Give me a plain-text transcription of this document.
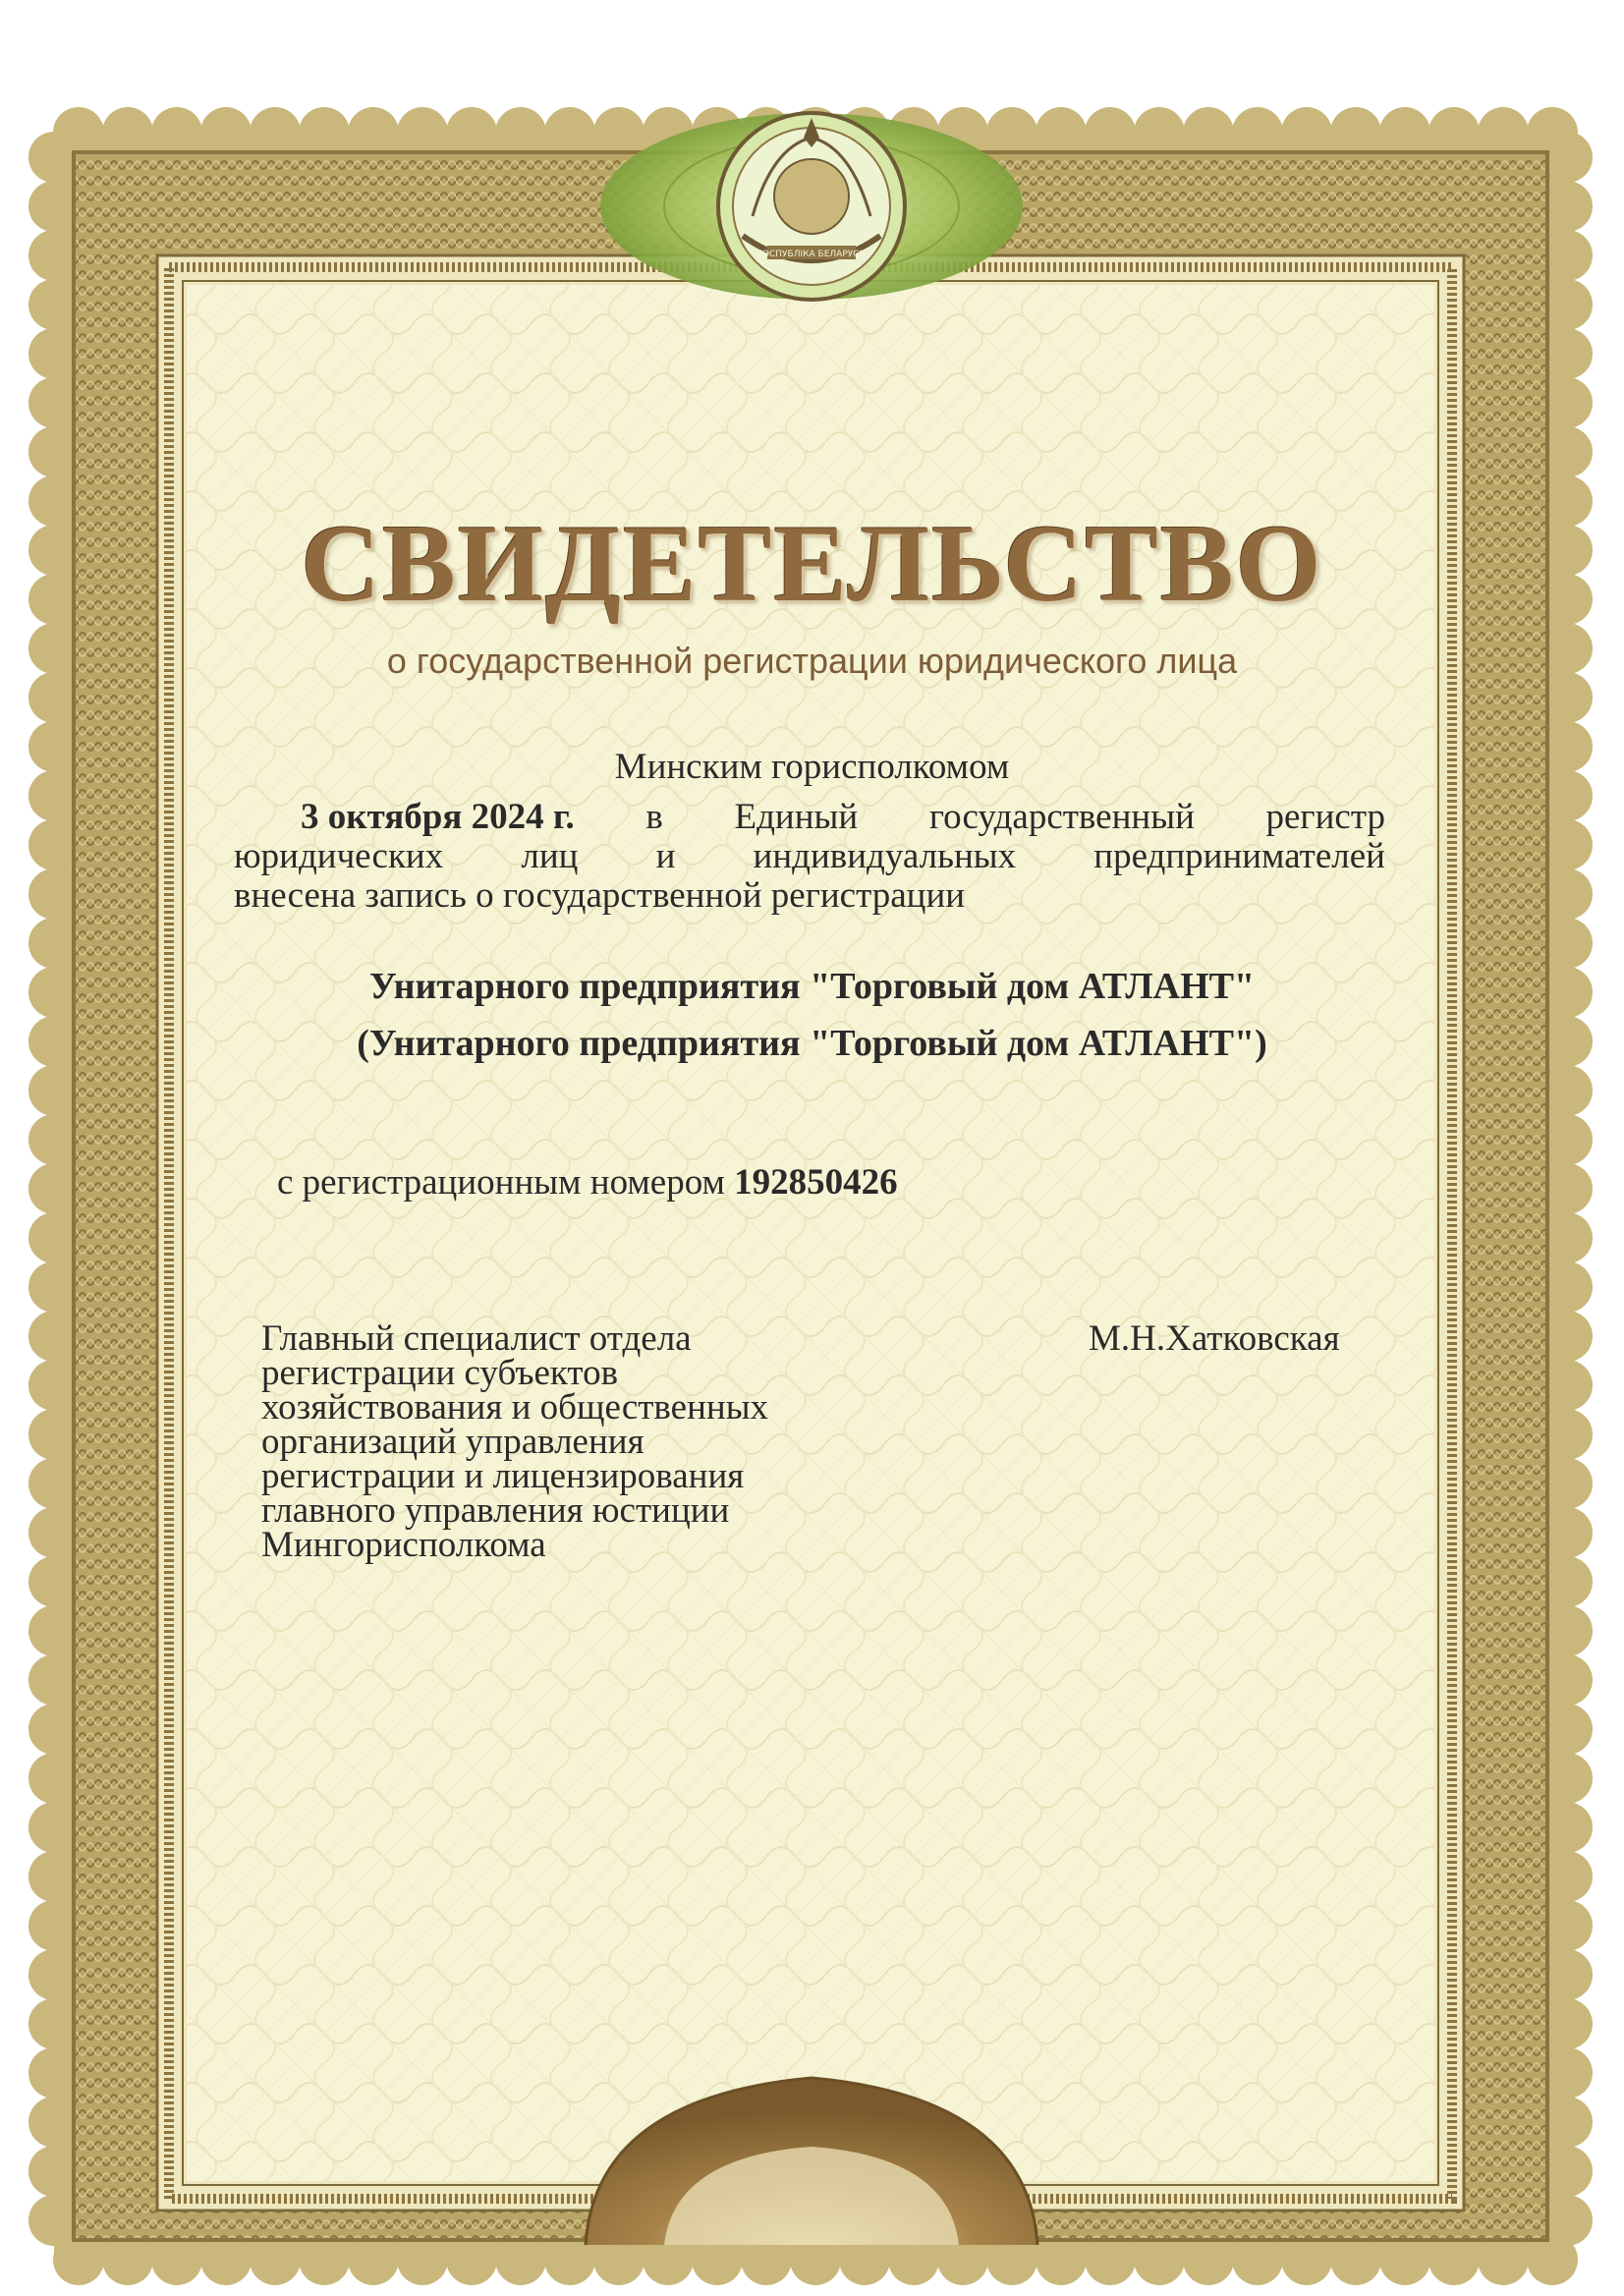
РЭСПУБЛІКА БЕЛАРУСЬ
СВИДЕТЕЛЬСТВО
о государственной регистрации юридического лица
Минским горисполкомом
3 октября 2024 г. в Единый государственный регистр
юридических лиц и индивидуальных предпринимателей
внесена запись о государственной регистрации
Унитарного предприятия "Торговый дом АТЛАНТ"
(Унитарного предприятия "Торговый дом АТЛАНТ")
с регистрационным номером 192850426
Главный специалист отдела
регистрации субъектов
хозяйствования и общественных
организаций управления
регистрации и лицензирования
главного управления юстиции
Мингорисполкома
М.Н.Хатковская
